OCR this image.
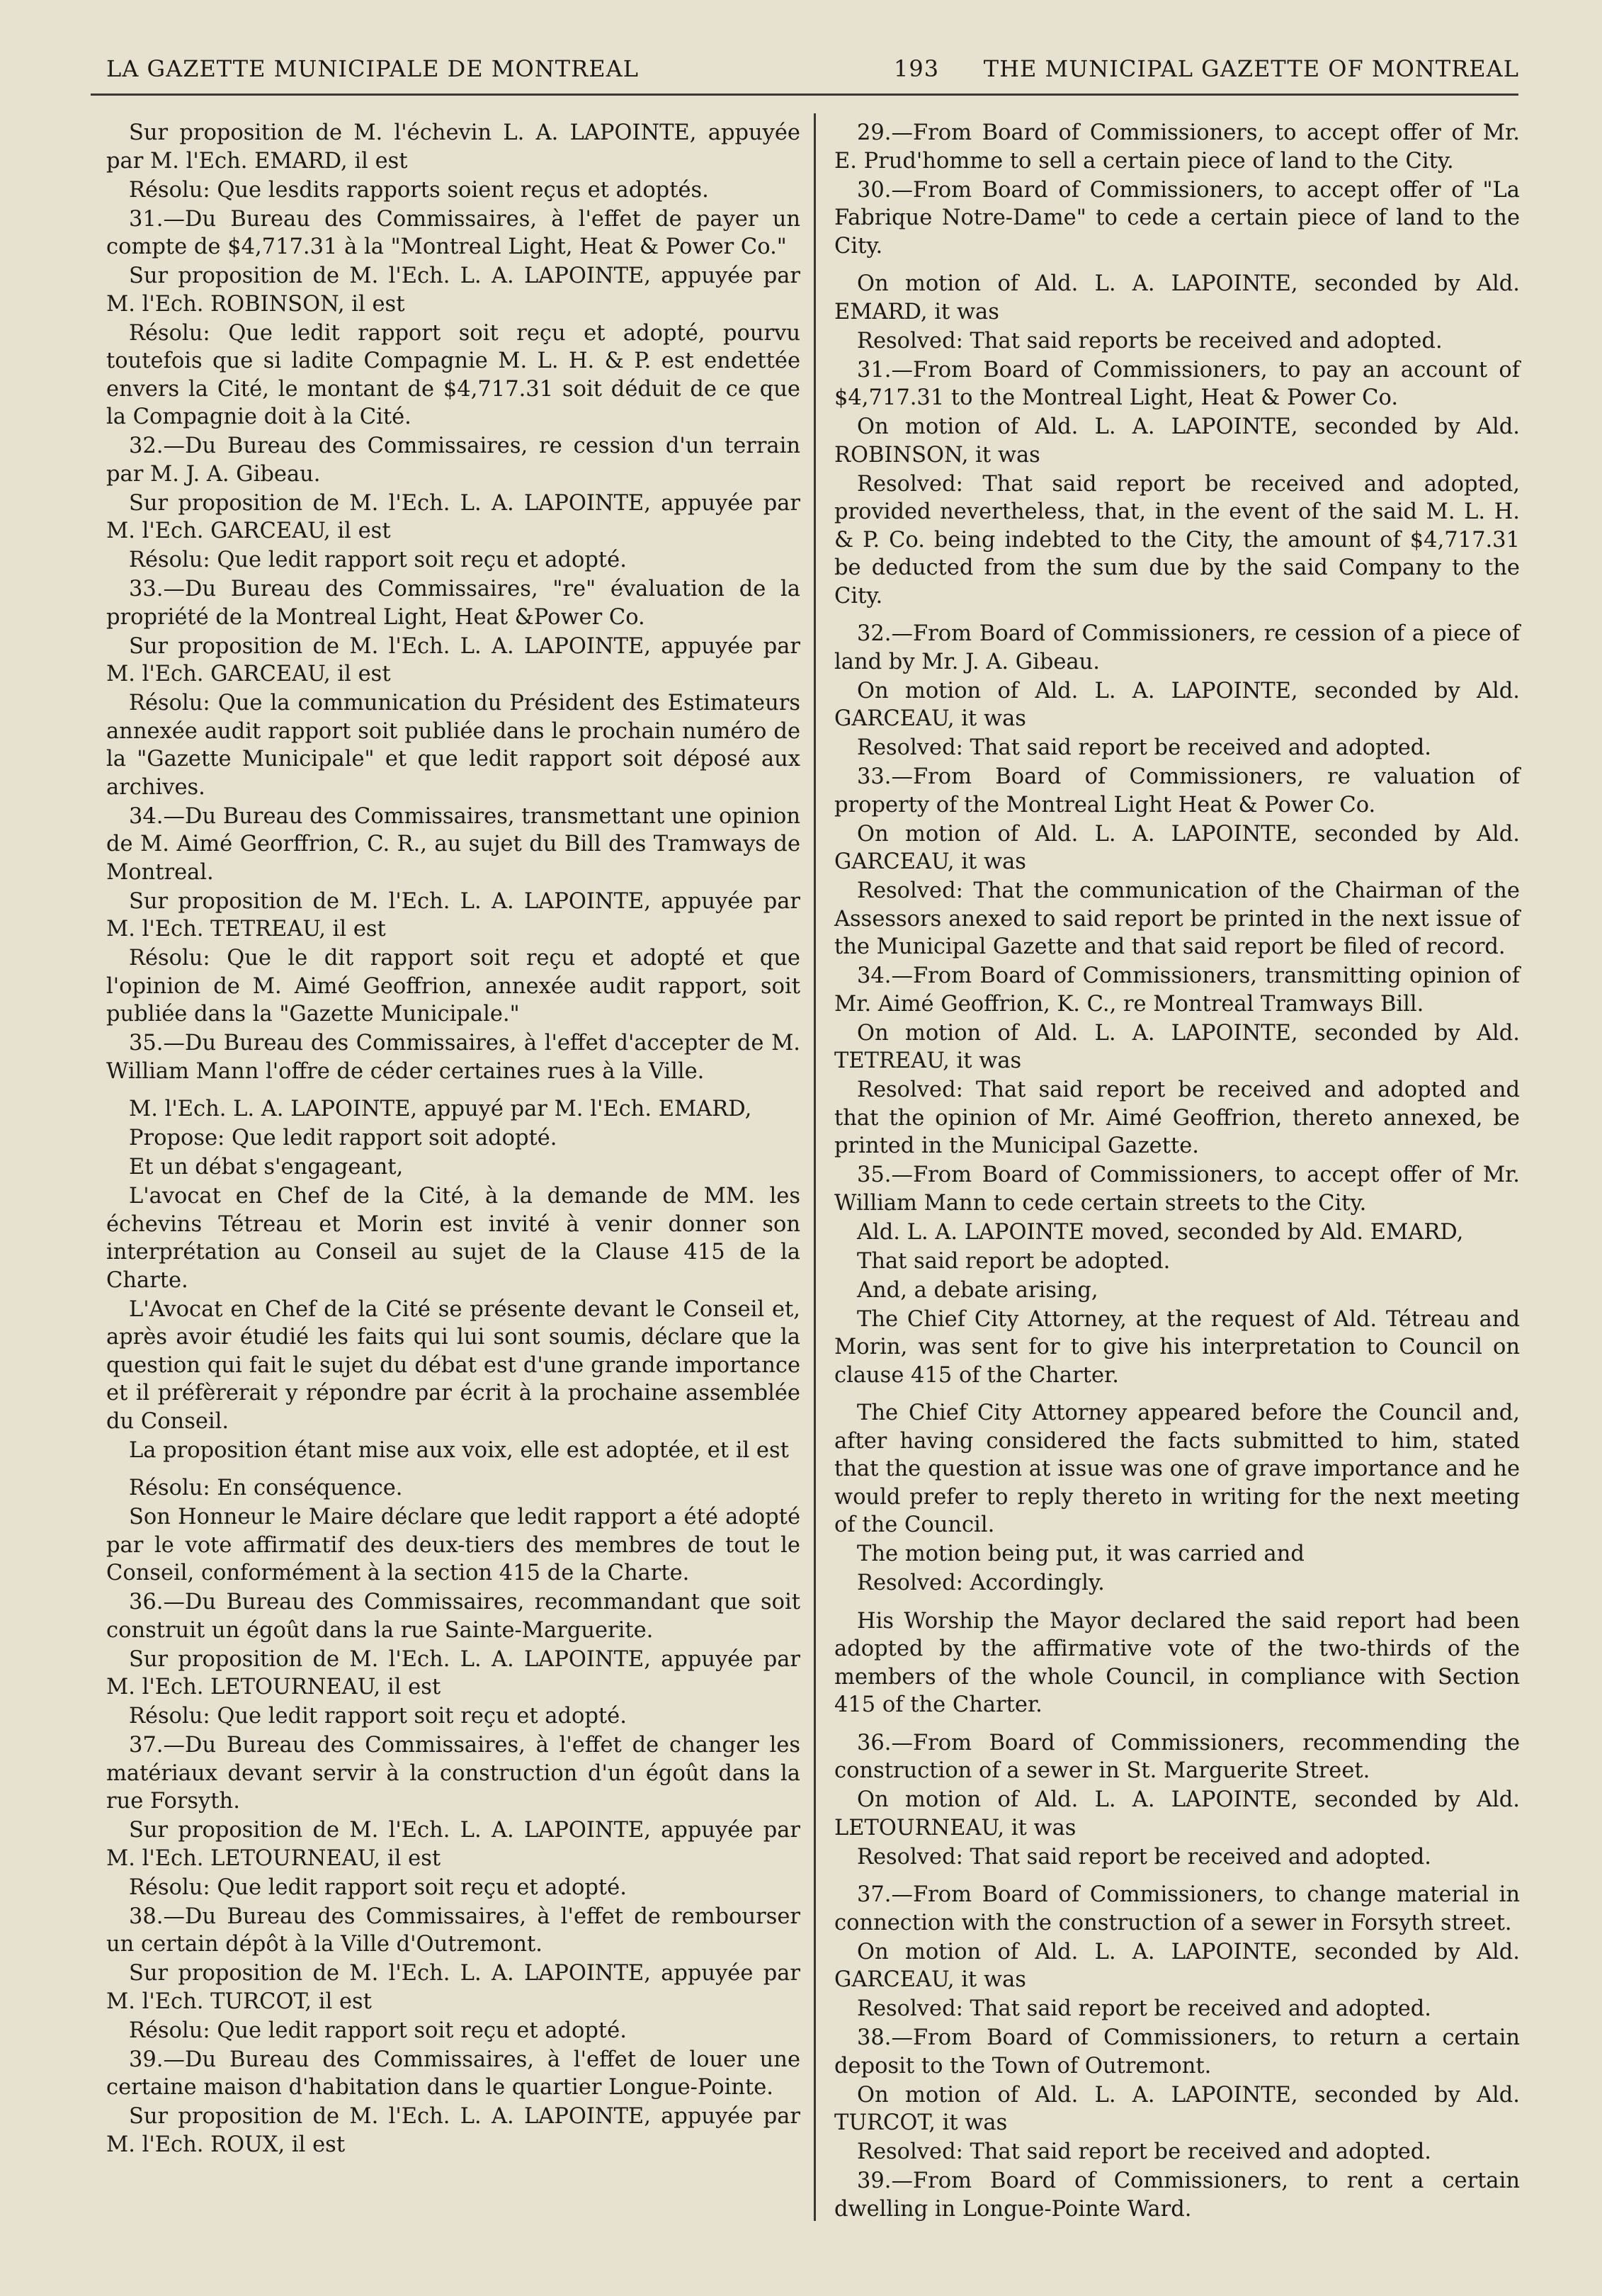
LA GAZETTE MUNICIPALE DE MONTREAL	193 THE MUNICIPAL GAZETTE OF MONTREAL

Sur proposition de M. l'échevin L. A. LAPOINTE, appuyée par M. l'Ech. EMARD, il est

Résolu: Que lesdits rapports soient reçus et adoptés.

31.—Du Bureau des Commissaires, à l'effet de payer un compte de $4,717.31 à la "Montreal Light, Heat & Power Co."

Sur proposition de M. l'Ech. L. A. LAPOINTE, appuyée par M. l'Ech. ROBINSON, il est

Résolu: Que ledit rapport soit reçu et adopté, pourvu toutefois que si ladite Compagnie M. L. H. & P. est endettée envers la Cité, le montant de $4,717.31 soit déduit de ce que la Compagnie doit à la Cité.

32.—Du Bureau des Commissaires, re cession d'un terrain par M. J. A. Gibeau.

Sur proposition de M. l'Ech. L. A. LAPOINTE, appuyée par M. l'Ech. GARCEAU, il est

Résolu: Que ledit rapport soit reçu et adopté.

33.—Du Bureau des Commissaires, "re" évaluation de la propriété de la Montreal Light, Heat &Power Co.

Sur proposition de M. l'Ech. L. A. LAPOINTE, appuyée par M. l'Ech. GARCEAU, il est

Résolu: Que la communication du Président des Estimateurs annexée audit rapport soit publiée dans le prochain numéro de la "Gazette Municipale" et que ledit rapport soit déposé aux archives.

34.—Du Bureau des Commissaires, transmettant une opinion de M. Aimé Georffrion, C. R., au sujet du Bill des Tramways de Montreal.

Sur proposition de M. l'Ech. L. A. LAPOINTE, appuyée par M. l'Ech. TETREAU, il est

Résolu: Que le dit rapport soit reçu et adopté et que l'opinion de M. Aimé Geoffrion, annexée audit rapport, soit publiée dans la "Gazette Municipale."

35.—Du Bureau des Commissaires, à l'effet d'accepter de M. William Mann l'offre de céder certaines rues à la Ville.

M. l'Ech. L. A. LAPOINTE, appuyé par M. l'Ech. EMARD,

Propose: Que ledit rapport soit adopté.

Et un débat s'engageant,

L'avocat en Chef de la Cité, à la demande de MM. les échevins Tétreau et Morin est invité à venir donner son interprétation au Conseil au sujet de la Clause 415 de la Charte.

L'Avocat en Chef de la Cité se présente devant le Conseil et, après avoir étudié les faits qui lui sont soumis, déclare que la question qui fait le sujet du débat est d'une grande importance et il préfèrerait y répondre par écrit à la prochaine assemblée du Conseil.

La proposition étant mise aux voix, elle est adoptée, et il est

Résolu: En conséquence.

Son Honneur le Maire déclare que ledit rapport a été adopté par le vote affirmatif des deux-tiers des membres de tout le Conseil, conformément à la section 415 de la Charte.

36.—Du Bureau des Commissaires, recommandant que soit construit un égoût dans la rue Sainte-Marguerite.

Sur proposition de M. l'Ech. L. A. LAPOINTE, appuyée par M. l'Ech. LETOURNEAU, il est

Résolu: Que ledit rapport soit reçu et adopté.

37.—Du Bureau des Commissaires, à l'effet de changer les matériaux devant servir à la construction d'un égoût dans la rue Forsyth.

Sur proposition de M. l'Ech. L. A. LAPOINTE, appuyée par M. l'Ech. LETOURNEAU, il est

Résolu: Que ledit rapport soit reçu et adopté.

38.—Du Bureau des Commissaires, à l'effet de rembourser un certain dépôt à la Ville d'Outremont.

Sur proposition de M. l'Ech. L. A. LAPOINTE, appuyée par M. l'Ech. TURCOT, il est

Résolu: Que ledit rapport soit reçu et adopté.

39.—Du Bureau des Commissaires, à l'effet de louer une certaine maison d'habitation dans le quartier Longue-Pointe.

Sur proposition de M. l'Ech. L. A. LAPOINTE, appuyée par M. l'Ech. ROUX, il est

29.—From Board of Commissioners, to accept offer of Mr. E. Prud'homme to sell a certain piece of land to the City.

30.—From Board of Commissioners, to accept offer of "La Fabrique Notre-Dame" to cede a certain piece of land to the City.

On motion of Ald. L. A. LAPOINTE, seconded by Ald. EMARD, it was

Resolved: That said reports be received and adopted.

31.—From Board of Commissioners, to pay an account of $4,717.31 to the Montreal Light, Heat & Power Co.

On motion of Ald. L. A. LAPOINTE, seconded by Ald. ROBINSON, it was

Resolved: That said report be received and adopted, provided nevertheless, that, in the event of the said M. L. H. & P. Co. being indebted to the City, the amount of $4,717.31 be deducted from the sum due by the said Company to the City.

32.—From Board of Commissioners, re cession of a piece of land by Mr. J. A. Gibeau.

On motion of Ald. L. A. LAPOINTE, seconded by Ald. GARCEAU, it was

Resolved: That said report be received and adopted.

33.—From Board of Commissioners, re valuation of property of the Montreal Light Heat & Power Co.

On motion of Ald. L. A. LAPOINTE, seconded by Ald. GARCEAU, it was

Resolved: That the communication of the Chairman of the Assessors anexed to said report be printed in the next issue of the Municipal Gazette and that said report be filed of record.

34.—From Board of Commissioners, transmitting opinion of Mr. Aimé Geoffrion, K. C., re Montreal Tramways Bill.

On motion of Ald. L. A. LAPOINTE, seconded by Ald. TETREAU, it was

Resolved: That said report be received and adopted and that the opinion of Mr. Aimé Geoffrion, thereto annexed, be printed in the Municipal Gazette.

35.—From Board of Commissioners, to accept offer of Mr. William Mann to cede certain streets to the City.

Ald. L. A. LAPOINTE moved, seconded by Ald. EMARD,

That said report be adopted.

And, a debate arising,

The Chief City Attorney, at the request of Ald. Tétreau and Morin, was sent for to give his interpretation to Council on clause 415 of the Charter.

The Chief City Attorney appeared before the Council and, after having considered the facts submitted to him, stated that the question at issue was one of grave importance and he would prefer to reply thereto in writing for the next meeting of the Council.

The motion being put, it was carried and

Resolved: Accordingly.

His Worship the Mayor declared the said report had been adopted by the affirmative vote of the two-thirds of the members of the whole Council, in compliance with Section 415 of the Charter.

36.—From Board of Commissioners, recommending the construction of a sewer in St. Marguerite Street.

On motion of Ald. L. A. LAPOINTE, seconded by Ald. LETOURNEAU, it was

Resolved: That said report be received and adopted.

37.—From Board of Commissioners, to change material in connection with the construction of a sewer in Forsyth street.

On motion of Ald. L. A. LAPOINTE, seconded by Ald. GARCEAU, it was

Resolved: That said report be received and adopted.

38.—From Board of Commissioners, to return a certain deposit to the Town of Outremont.

On motion of Ald. L. A. LAPOINTE, seconded by Ald. TURCOT, it was

Resolved: That said report be received and adopted.

39.—From Board of Commissioners, to rent a certain dwelling in Longue-Pointe Ward.
